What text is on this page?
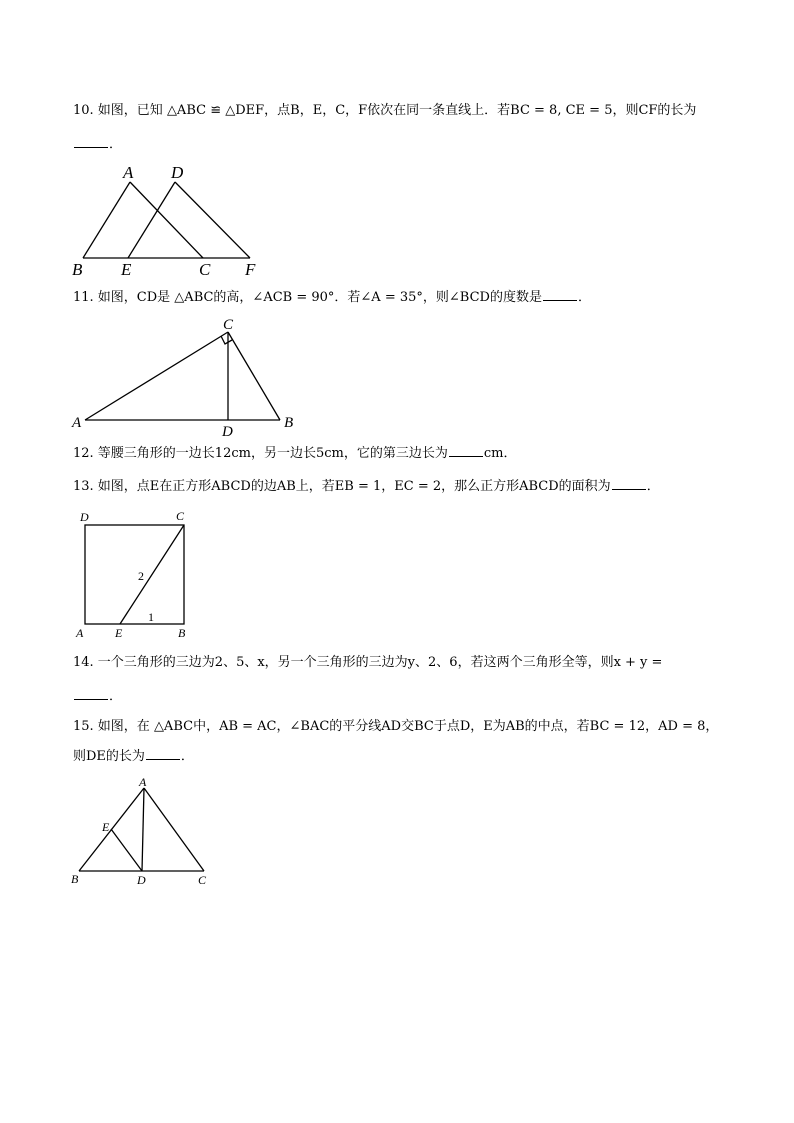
10. 如图，已知 △ABC ≌ △DEF，点B，E，C，F依次在同一条直线上．若BC = 8, CE = 5，则CF的长为
．
A D
B E	C F
11. 如图，CD是 △ABC的高，∠ACB = 90°．若∠A = 35°，则∠BCD的度数是	．
C
A	B
D
12. 等腰三角形的一边长12cm，另一边长5cm，它的第三边长为	cm．
13. 如图，点E在正方形ABCD的边AB上，若EB = 1，EC = 2，那么正方形ABCD的面积为	．
D	C
A	E	B
2
1
14. 一个三角形的三边为2、5、x，另一个三角形的三边为y、2、6，若这两个三角形全等，则x + y =
．
15. 如图，在 △ABC中，AB = AC，∠BAC的平分线AD交BC于点D，E为AB的中点，若BC = 12，AD = 8，
则DE的长为	．
A
E
B	D	C
